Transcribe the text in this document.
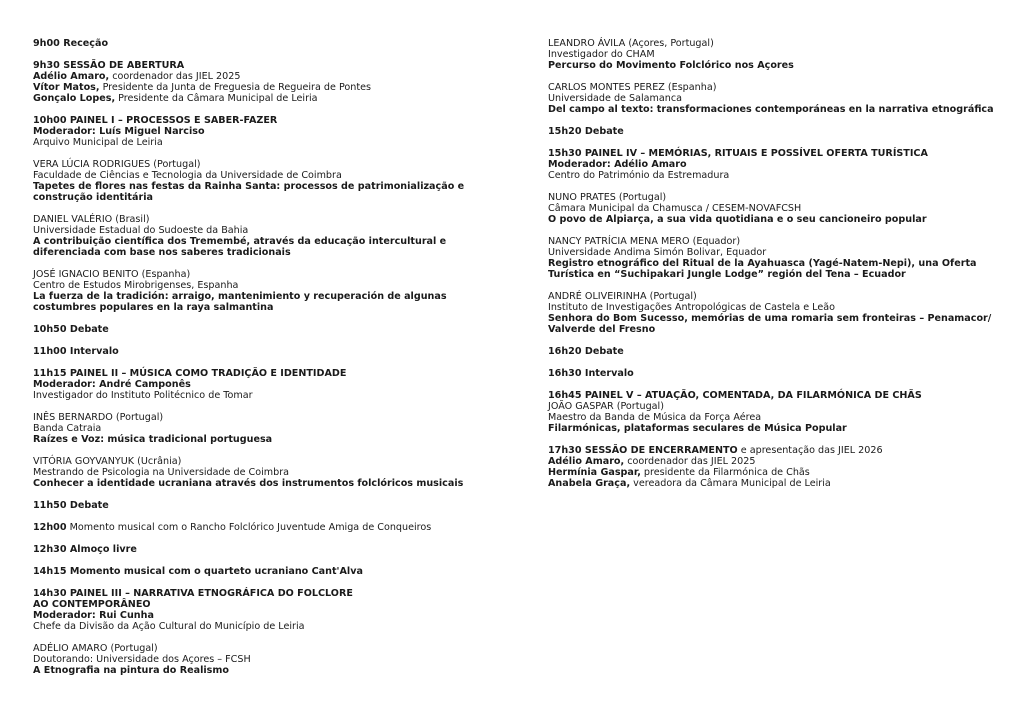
9h00 Receção
9h30 SESSÃO DE ABERTURA
Adélio Amaro, coordenador das JIEL 2025
Vítor Matos, Presidente da Junta de Freguesia de Regueira de Pontes
Gonçalo Lopes, Presidente da Câmara Municipal de Leiria
10h00 PAINEL I – PROCESSOS E SABER-FAZER
Moderador: Luís Miguel Narciso
Arquivo Municipal de Leiria
VERA LÚCIA RODRIGUES (Portugal)
Faculdade de Ciências e Tecnologia da Universidade de Coimbra
Tapetes de flores nas festas da Rainha Santa: processos de patrimonialização e
construção identitária
DANIEL VALÉRIO (Brasil)
Universidade Estadual do Sudoeste da Bahia
A contribuição científica dos Tremembé, através da educação intercultural e
diferenciada com base nos saberes tradicionais
JOSÉ IGNACIO BENITO (Espanha)
Centro de Estudos Mirobrigenses, Espanha
La fuerza de la tradición: arraigo, mantenimiento y recuperación de algunas
costumbres populares en la raya salmantina
10h50 Debate
11h00 Intervalo
11h15 PAINEL II – MÚSICA COMO TRADIÇÃO E IDENTIDADE
Moderador: André Camponês
Investigador do Instituto Politécnico de Tomar
INÊS BERNARDO (Portugal)
Banda Catraia
Raízes e Voz: música tradicional portuguesa
VITÓRIA GOYVANYUK (Ucrânia)
Mestrando de Psicologia na Universidade de Coimbra
Conhecer a identidade ucraniana através dos instrumentos folclóricos musicais
11h50 Debate
12h00 Momento musical com o Rancho Folclórico Juventude Amiga de Conqueiros
12h30 Almoço livre
14h15 Momento musical com o quarteto ucraniano Cant'Alva
14h30 PAINEL III – NARRATIVA ETNOGRÁFICA DO FOLCLORE
AO CONTEMPORÂNEO
Moderador: Rui Cunha
Chefe da Divisão da Ação Cultural do Município de Leiria
ADÉLIO AMARO (Portugal)
Doutorando: Universidade dos Açores – FCSH
A Etnografia na pintura do Realismo
LEANDRO ÁVILA (Açores, Portugal)
Investigador do CHAM
Percurso do Movimento Folclórico nos Açores
CARLOS MONTES PEREZ (Espanha)
Universidade de Salamanca
Del campo al texto: transformaciones contemporáneas en la narrativa etnográfica
15h20 Debate
15h30 PAINEL IV – MEMÓRIAS, RITUAIS E POSSÍVEL OFERTA TURÍSTICA
Moderador: Adélio Amaro
Centro do Património da Estremadura
NUNO PRATES (Portugal)
Câmara Municipal da Chamusca / CESEM-NOVAFCSH
O povo de Alpiarça, a sua vida quotidiana e o seu cancioneiro popular
NANCY PATRÍCIA MENA MERO (Equador)
Universidade Andima Simón Bolivar, Equador
Registro etnográfico del Ritual de la Ayahuasca (Yagé-Natem-Nepi), una Oferta
Turística en “Suchipakari Jungle Lodge” región del Tena – Ecuador
ANDRÉ OLIVEIRINHA (Portugal)
Instituto de Investigações Antropológicas de Castela e Leão
Senhora do Bom Sucesso, memórias de uma romaria sem fronteiras – Penamacor/
Valverde del Fresno
16h20 Debate
16h30 Intervalo
16h45 PAINEL V – ATUAÇÃO, COMENTADA, DA FILARMÓNICA DE CHÃS
JOÃO GASPAR (Portugal)
Maestro da Banda de Música da Força Aérea
Filarmónicas, plataformas seculares de Música Popular
17h30 SESSÃO DE ENCERRAMENTO e apresentação das JIEL 2026
Adélio Amaro, coordenador das JIEL 2025
Hermínia Gaspar, presidente da Filarmónica de Chãs
Anabela Graça, vereadora da Câmara Municipal de Leiria
